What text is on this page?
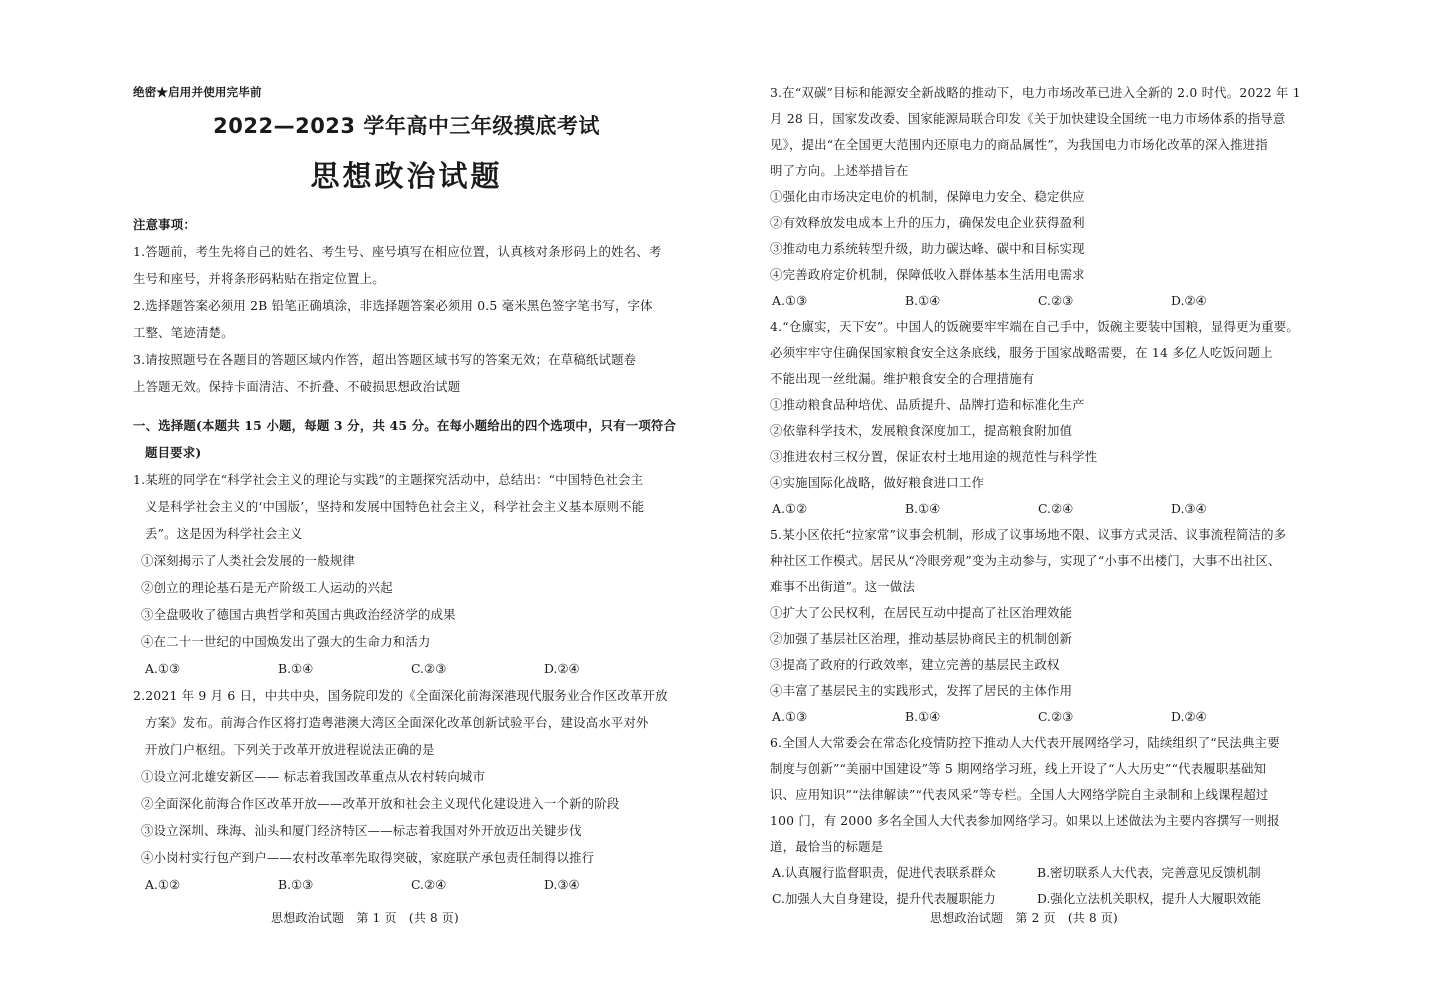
绝密★启用并使用完毕前
2022—2023 学年高中三年级摸底考试
思想政治试题
注意事项：
1.答题前，考生先将自己的姓名、考生号、座号填写在相应位置，认真核对条形码上的姓名、考
生号和座号，并将条形码粘贴在指定位置上。
2.选择题答案必须用 2B 铅笔正确填涂，非选择题答案必须用 0.5 毫米黑色签字笔书写，字体
工整、笔迹清楚。
3.请按照题号在各题目的答题区域内作答，超出答题区域书写的答案无效；在草稿纸试题卷
上答题无效。保持卡面清洁、不折叠、不破损思想政治试题
一、选择题(本题共 15 小题，每题 3 分，共 45 分。在每小题给出的四个选项中，只有一项符合
题目要求)
1.某班的同学在“科学社会主义的理论与实践”的主题探究活动中，总结出：“中国特色社会主
义是科学社会主义的‘中国版’，坚持和发展中国特色社会主义，科学社会主义基本原则不能
丢”。这是因为科学社会主义
①深刻揭示了人类社会发展的一般规律
②创立的理论基石是无产阶级工人运动的兴起
③全盘吸收了德国古典哲学和英国古典政治经济学的成果
④在二十一世纪的中国焕发出了强大的生命力和活力
A.①③	B.①④	C.②③	D.②④
2.2021 年 9 月 6 日，中共中央，国务院印发的《全面深化前海深港现代服务业合作区改革开放
方案》发布。前海合作区将打造粤港澳大湾区全面深化改革创新试验平台，建设高水平对外
开放门户枢纽。下列关于改革开放进程说法正确的是
①设立河北雄安新区—— 标志着我国改革重点从农村转向城市
②全面深化前海合作区改革开放——改革开放和社会主义现代化建设进入一个新的阶段
③设立深圳、珠海、汕头和厦门经济特区——标志着我国对外开放迈出关键步伐
④小岗村实行包产到户——农村改革率先取得突破，家庭联产承包责任制得以推行
A.①②	B.①③	C.②④	D.③④
思想政治试题　第 1 页　(共 8 页)
3.在“双碳”目标和能源安全新战略的推动下，电力市场改革已进入全新的 2.0 时代。2022 年 1
月 28 日，国家发改委、国家能源局联合印发《关于加快建设全国统一电力市场体系的指导意
见》，提出“在全国更大范围内还原电力的商品属性”，为我国电力市场化改革的深入推进指
明了方向。上述举措旨在
①强化由市场决定电价的机制，保障电力安全、稳定供应
②有效释放发电成本上升的压力，确保发电企业获得盈利
③推动电力系统转型升级，助力碳达峰、碳中和目标实现
④完善政府定价机制，保障低收入群体基本生活用电需求
A.①③	B.①④	C.②③	D.②④
4.“仓廪实，天下安”。中国人的饭碗要牢牢端在自己手中，饭碗主要装中国粮，显得更为重要。
必须牢牢守住确保国家粮食安全这条底线，服务于国家战略需要，在 14 多亿人吃饭问题上
不能出现一丝纰漏。维护粮食安全的合理措施有
①推动粮食品种培优、品质提升、品牌打造和标准化生产
②依靠科学技术，发展粮食深度加工，提高粮食附加值
③推进农村三权分置，保证农村土地用途的规范性与科学性
④实施国际化战略，做好粮食进口工作
A.①②	B.①④	C.②④	D.③④
5.某小区依托“拉家常”议事会机制，形成了议事场地不限、议事方式灵活、议事流程简洁的多
种社区工作模式。居民从“冷眼旁观”变为主动参与，实现了“小事不出楼门，大事不出社区、
难事不出街道”。这一做法
①扩大了公民权利，在居民互动中提高了社区治理效能
②加强了基层社区治理，推动基层协商民主的机制创新
③提高了政府的行政效率，建立完善的基层民主政权
④丰富了基层民主的实践形式，发挥了居民的主体作用
A.①③	B.①④	C.②③	D.②④
6.全国人大常委会在常态化疫情防控下推动人大代表开展网络学习，陆续组织了“民法典主要
制度与创新”“美丽中国建设”等 5 期网络学习班，线上开设了“人大历史”“代表履职基础知
识、应用知识”“法律解读”“代表风采”等专栏。全国人大网络学院自主录制和上线课程超过
100 门，有 2000 多名全国人大代表参加网络学习。如果以上述做法为主要内容撰写一则报
道，最恰当的标题是
A.认真履行监督职责，促进代表联系群众	B.密切联系人大代表，完善意见反馈机制
C.加强人大自身建设，提升代表履职能力	D.强化立法机关职权，提升人大履职效能
思想政治试题　第 2 页　(共 8 页)
